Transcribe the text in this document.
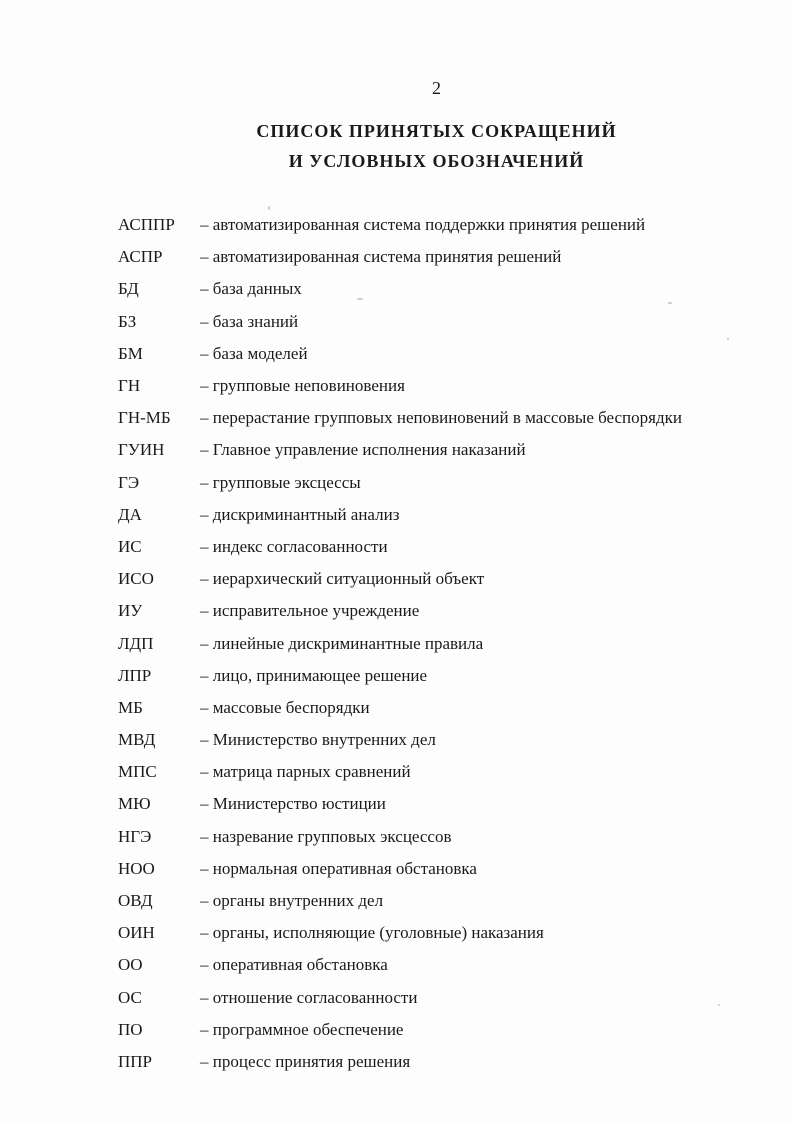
2
СПИСОК ПРИНЯТЫХ СОКРАЩЕНИЙ
И УСЛОВНЫХ ОБОЗНАЧЕНИЙ
АСППР	– автоматизированная система поддержки принятия решений
АСПР	– автоматизированная система принятия решений
БД	– база данных
БЗ	– база знаний
БМ	– база моделей
ГН	– групповые неповиновения
ГН-МБ	– перерастание групповых неповиновений в массовые беспорядки
ГУИН	– Главное управление исполнения наказаний
ГЭ	– групповые эксцессы
ДА	– дискриминантный анализ
ИС	– индекс согласованности
ИСО	– иерархический ситуационный объект
ИУ	– исправительное учреждение
ЛДП	– линейные дискриминантные правила
ЛПР	– лицо, принимающее решение
МБ	– массовые беспорядки
МВД	– Министерство внутренних дел
МПС	– матрица парных сравнений
МЮ	– Министерство юстиции
НГЭ	– назревание групповых эксцессов
НОО	– нормальная оперативная обстановка
ОВД	– органы внутренних дел
ОИН	– органы, исполняющие (уголовные) наказания
ОО	– оперативная обстановка
ОС	– отношение согласованности
ПО	– программное обеспечение
ППР	– процесс принятия решения
